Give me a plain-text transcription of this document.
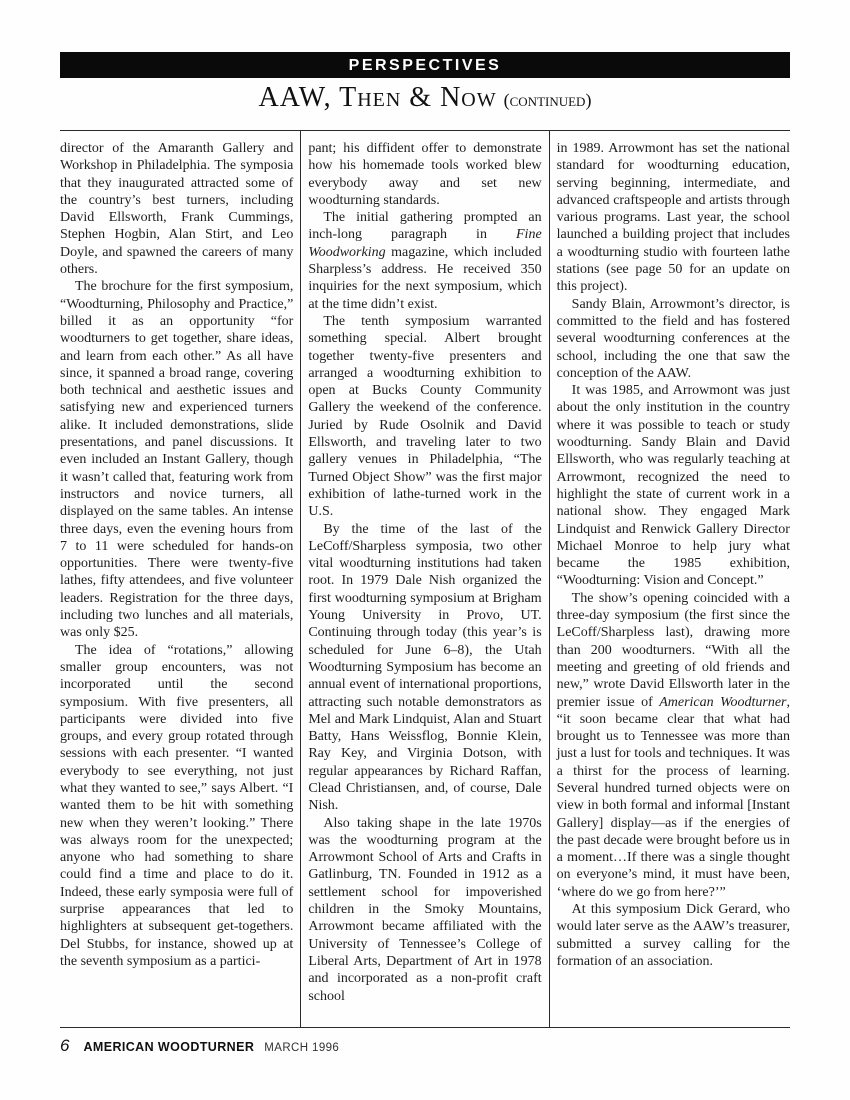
PERSPECTIVES
AAW, Then & Now (continued)

director of the Amaranth Gallery and Workshop in Philadelphia. The symposia that they inaugurated attracted some of the country’s best turners, including David Ellsworth, Frank Cummings, Stephen Hogbin, Alan Stirt, and Leo Doyle, and spawned the careers of many others.

The brochure for the first symposium, “Woodturning, Philosophy and Practice,” billed it as an opportunity “for woodturners to get together, share ideas, and learn from each other.” As all have since, it spanned a broad range, covering both technical and aesthetic issues and satisfying new and experienced turners alike. It included demonstrations, slide presentations, and panel discussions. It even included an Instant Gallery, though it wasn’t called that, featuring work from instructors and novice turners, all displayed on the same tables. An intense three days, even the evening hours from 7 to 11 were scheduled for hands-on opportunities. There were twenty-five lathes, fifty attendees, and five volunteer leaders. Registration for the three days, including two lunches and all materials, was only $25.

The idea of “rotations,” allowing smaller group encounters, was not incorporated until the second symposium. With five presenters, all participants were divided into five groups, and every group rotated through sessions with each presenter. “I wanted everybody to see everything, not just what they wanted to see,” says Albert. “I wanted them to be hit with something new when they weren’t looking.” There was always room for the unexpected; anyone who had something to share could find a time and place to do it. Indeed, these early symposia were full of surprise appearances that led to highlighters at subsequent get-togethers. Del Stubbs, for instance, showed up at the seventh symposium as a partici-

pant; his diffident offer to demonstrate how his homemade tools worked blew everybody away and set new woodturning standards.

The initial gathering prompted an inch-long paragraph in Fine Woodworking magazine, which included Sharpless’s address. He received 350 inquiries for the next symposium, which at the time didn’t exist.

The tenth symposium warranted something special. Albert brought together twenty-five presenters and arranged a woodturning exhibition to open at Bucks County Community Gallery the weekend of the conference. Juried by Rude Osolnik and David Ellsworth, and traveling later to two gallery venues in Philadelphia, “The Turned Object Show” was the first major exhibition of lathe-turned work in the U.S.

By the time of the last of the LeCoff/Sharpless symposia, two other vital woodturning institutions had taken root. In 1979 Dale Nish organized the first woodturning symposium at Brigham Young University in Provo, UT. Continuing through today (this year’s is scheduled for June 6–8), the Utah Woodturning Symposium has become an annual event of international proportions, attracting such notable demonstrators as Mel and Mark Lindquist, Alan and Stuart Batty, Hans Weissflog, Bonnie Klein, Ray Key, and Virginia Dotson, with regular appearances by Richard Raffan, Clead Christiansen, and, of course, Dale Nish.

Also taking shape in the late 1970s was the woodturning program at the Arrowmont School of Arts and Crafts in Gatlinburg, TN. Founded in 1912 as a settlement school for impoverished children in the Smoky Mountains, Arrowmont became affiliated with the University of Tennessee’s College of Liberal Arts, Department of Art in 1978 and incorporated as a non-profit craft school

in 1989. Arrowmont has set the national standard for woodturning education, serving beginning, intermediate, and advanced craftspeople and artists through various programs. Last year, the school launched a building project that includes a woodturning studio with fourteen lathe stations (see page 50 for an update on this project).

Sandy Blain, Arrowmont’s director, is committed to the field and has fostered several woodturning conferences at the school, including the one that saw the conception of the AAW.

It was 1985, and Arrowmont was just about the only institution in the country where it was possible to teach or study woodturning. Sandy Blain and David Ellsworth, who was regularly teaching at Arrowmont, recognized the need to highlight the state of current work in a national show. They engaged Mark Lindquist and Renwick Gallery Director Michael Monroe to help jury what became the 1985 exhibition, “Woodturning: Vision and Concept.”

The show’s opening coincided with a three-day symposium (the first since the LeCoff/Sharpless last), drawing more than 200 woodturners. “With all the meeting and greeting of old friends and new,” wrote David Ellsworth later in the premier issue of American Woodturner, “it soon became clear that what had brought us to Tennessee was more than just a lust for tools and techniques. It was a thirst for the process of learning. Several hundred turned objects were on view in both formal and informal [Instant Gallery] display—as if the energies of the past decade were brought before us in a moment…If there was a single thought on everyone’s mind, it must have been, ‘where do we go from here?’”

At this symposium Dick Gerard, who would later serve as the AAW’s treasurer, submitted a survey calling for the formation of an association.

6 AMERICAN WOODTURNER MARCH 1996
